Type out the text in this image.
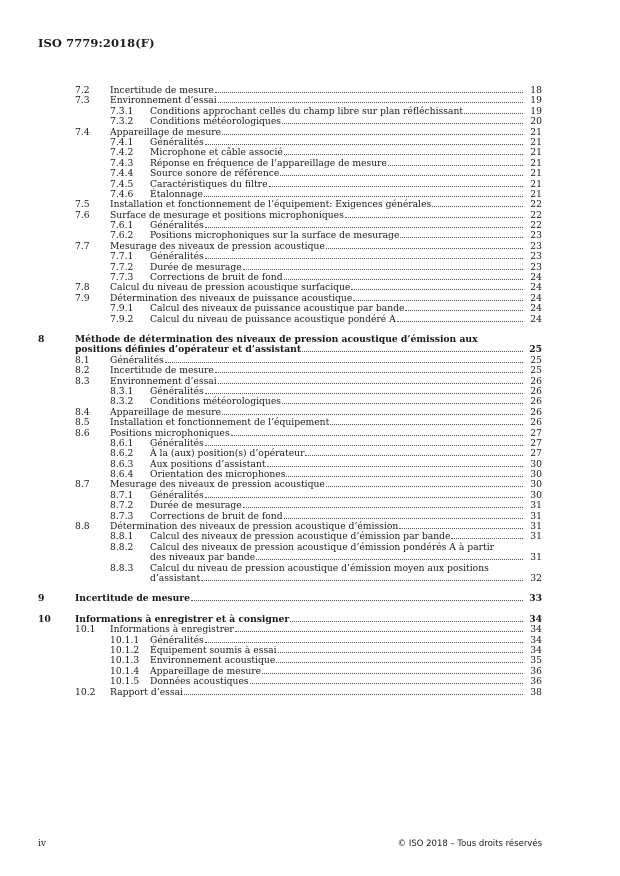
ISO 7779:2018(F)
7.2 Incertitude de mesure	18
7.3 Environnement d’essai	19
7.3.1 Conditions approchant celles du champ libre sur plan réfléchissant	19
7.3.2 Conditions météorologiques	20
7.4 Appareillage de mesure	21
7.4.1 Généralités	21
7.4.2 Microphone et câble associé	21
7.4.3 Réponse en fréquence de l’appareillage de mesure	21
7.4.4 Source sonore de référence	21
7.4.5 Caractéristiques du filtre	21
7.4.6 Étalonnage	21
7.5 Installation et fonctionnement de l’équipement: Exigences générales	22
7.6 Surface de mesurage et positions microphoniques	22
7.6.1 Généralités	22
7.6.2 Positions microphoniques sur la surface de mesurage	23
7.7 Mesurage des niveaux de pression acoustique	23
7.7.1 Généralités	23
7.7.2 Durée de mesurage	23
7.7.3 Corrections de bruit de fond	24
7.8 Calcul du niveau de pression acoustique surfacique	24
7.9 Détermination des niveaux de puissance acoustique	24
7.9.1 Calcul des niveaux de puissance acoustique par bande	24
7.9.2 Calcul du niveau de puissance acoustique pondéré A	24
8	Méthode de détermination des niveaux de pression acoustique d’émission aux
positions définies d’opérateur et d’assistant	25
8.1 Généralités	25
8.2 Incertitude de mesure	25
8.3 Environnement d’essai	26
8.3.1 Généralités	26
8.3.2 Conditions météorologiques	26
8.4 Appareillage de mesure	26
8.5 Installation et fonctionnement de l’équipement	26
8.6 Positions microphoniques	27
8.6.1 Généralités	27
8.6.2 À la (aux) position(s) d’opérateur	27
8.6.3 Aux positions d’assistant	30
8.6.4 Orientation des microphones	30
8.7 Mesurage des niveaux de pression acoustique	30
8.7.1 Généralités	30
8.7.2 Durée de mesurage	31
8.7.3 Corrections de bruit de fond	31
8.8 Détermination des niveaux de pression acoustique d’émission	31
8.8.1 Calcul des niveaux de pression acoustique d’émission par bande	31
8.8.2 Calcul des niveaux de pression acoustique d’émission pondérés A à partir
des niveaux par bande	31
8.8.3 Calcul du niveau de pression acoustique d’émission moyen aux positions
d’assistant	32
9	Incertitude de mesure	33
10	Informations à enregistrer et à consigner	34
10.1 Informations à enregistrer	34
10.1.1 Généralités	34
10.1.2 Équipement soumis à essai	34
10.1.3 Environnement acoustique	35
10.1.4 Appareillage de mesure	36
10.1.5 Données acoustiques	36
10.2 Rapport d’essai	38
iv	© ISO 2018 – Tous droits réservés
